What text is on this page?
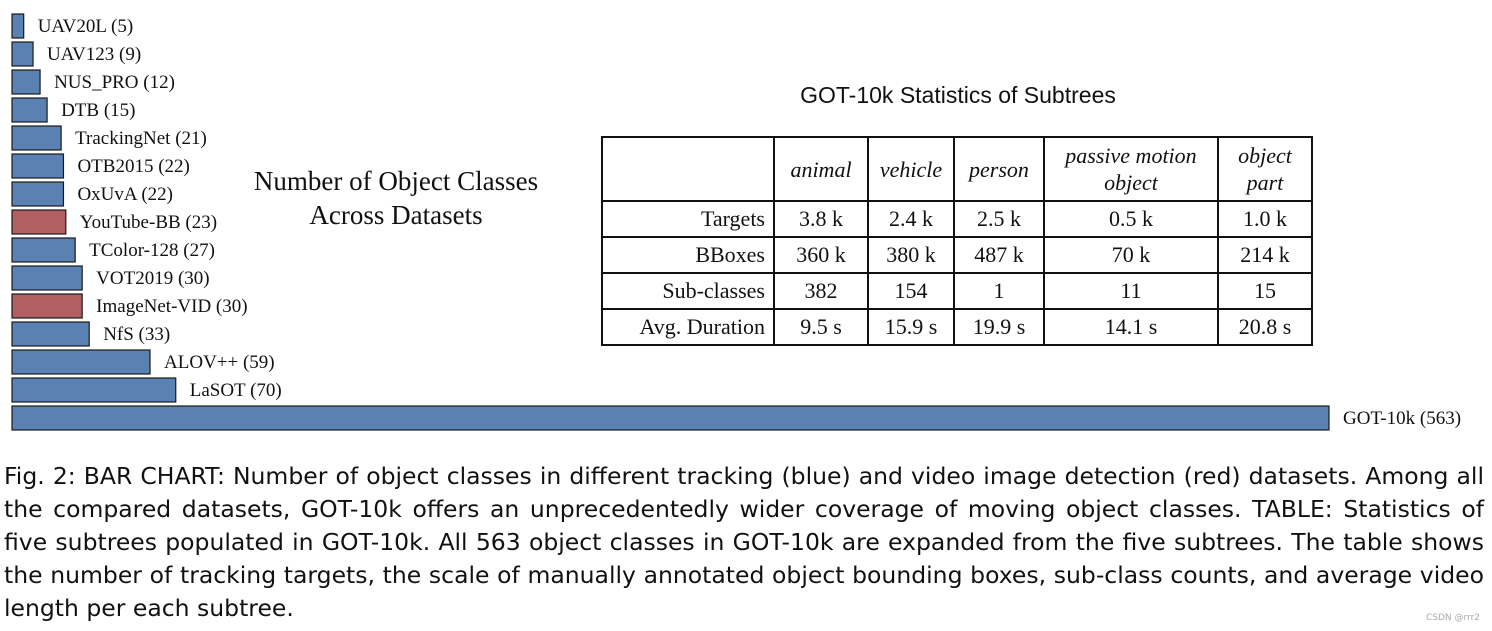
UAV20L (5)
UAV123 (9)
NUS_PRO (12)
DTB (15)
TrackingNet (21)
OTB2015 (22)
OxUvA (22)
YouTube-BB (23)
TColor-128 (27)
VOT2019 (30)
ImageNet-VID (30)
NfS (33)
ALOV++ (59)
LaSOT (70)
GOT-10k (563)
Number of Object Classes Across Datasets
GOT-10k Statistics of Subtrees
	animal	vehicle	person	passive motion object	object part
Targets	3.8 k	2.4 k	2.5 k	0.5 k	1.0 k
BBoxes	360 k	380 k	487 k	70 k	214 k
Sub-classes	382	154	1	11	15
Avg. Duration	9.5 s	15.9 s	19.9 s	14.1 s	20.8 s
Fig. 2: BAR CHART: Number of object classes in different tracking (blue) and video image detection (red) datasets. Among all the compared datasets, GOT-10k offers an unprecedentedly wider coverage of moving object classes. TABLE: Statistics of five subtrees populated in GOT-10k. All 563 object classes in GOT-10k are expanded from the five subtrees. The table shows the number of tracking targets, the scale of manually annotated object bounding boxes, sub-class counts, and average video length per each subtree.	CSDN @rrr2
